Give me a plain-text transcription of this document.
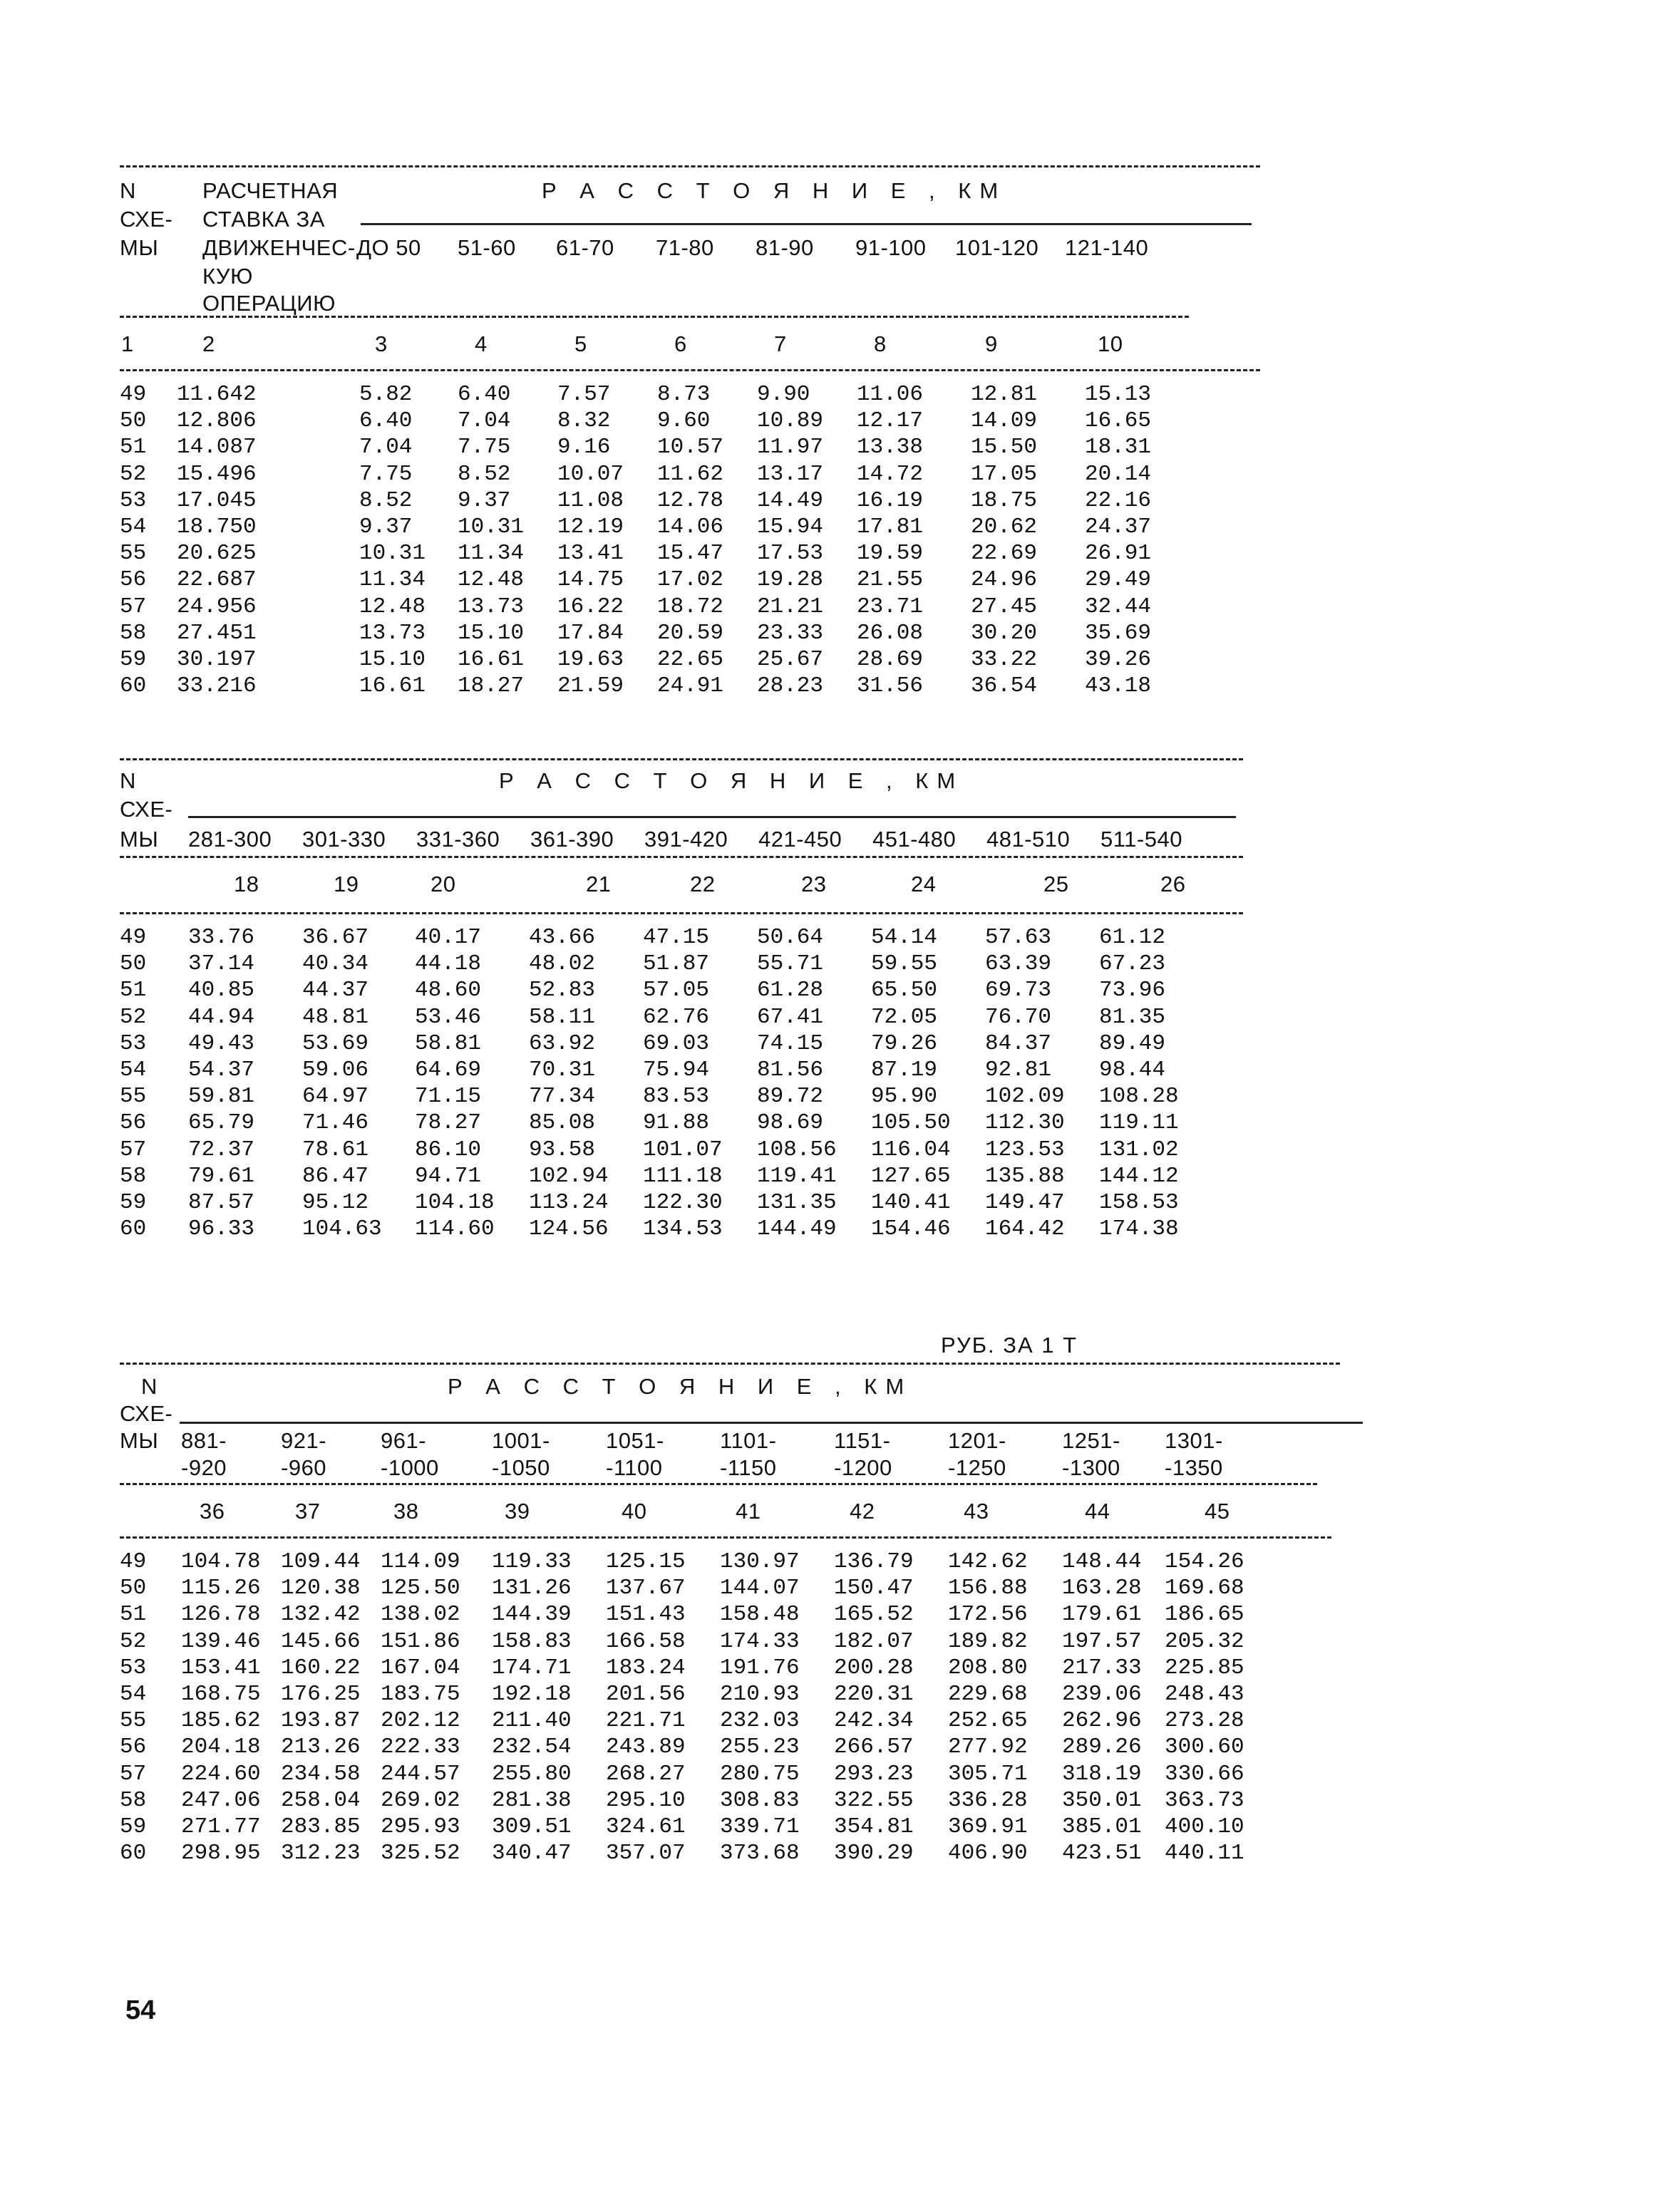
N
СХЕ-
МЫ
РАСЧЕТНАЯ
СТАВКА ЗА
ДВИЖЕНЧЕС-
КУЮ
ОПЕРАЦИЮ
Р А С С Т О Я Н И Е , КМ
ДО 50 51-60 61-70 71-80 81-90 91-100 101-120 121-140
1	2	3	4	5	6	7	8	9	10
49 11.642	5.82 6.40 7.57 8.73 9.90 11.06 12.81 15.13
50 12.806	6.40 7.04 8.32 9.60 10.89 12.17 14.09 16.65
51 14.087	7.04 7.75 9.16 10.57 11.97 13.38 15.50 18.31
52 15.496	7.75 8.52 10.07 11.62 13.17 14.72 17.05 20.14
53 17.045	8.52 9.37 11.08 12.78 14.49 16.19 18.75 22.16
54 18.750	9.37 10.31 12.19 14.06 15.94 17.81 20.62 24.37
55 20.625	10.31 11.34 13.41 15.47 17.53 19.59 22.69 26.91
56 22.687	11.34 12.48 14.75 17.02 19.28 21.55 24.96 29.49
57 24.956	12.48 13.73 16.22 18.72 21.21 23.71 27.45 32.44
58 27.451	13.73 15.10 17.84 20.59 23.33 26.08 30.20 35.69
59 30.197	15.10 16.61 19.63 22.65 25.67 28.69 33.22 39.26
60 33.216	16.61 18.27 21.59 24.91 28.23 31.56 36.54 43.18
N
СХЕ-
МЫ
Р А С С Т О Я Н И Е , КМ
281-300 301-330 331-360 361-390 391-420 421-450 451-480 481-510 511-540
18	19	20	21	22	23	24	25	26
49 33.76 36.67 40.17 43.66 47.15 50.64 54.14 57.63 61.12
50 37.14 40.34 44.18 48.02 51.87 55.71 59.55 63.39 67.23
51 40.85 44.37 48.60 52.83 57.05 61.28 65.50 69.73 73.96
52 44.94 48.81 53.46 58.11 62.76 67.41 72.05 76.70 81.35
53 49.43 53.69 58.81 63.92 69.03 74.15 79.26 84.37 89.49
54 54.37 59.06 64.69 70.31 75.94 81.56 87.19 92.81 98.44
55 59.81 64.97 71.15 77.34 83.53 89.72 95.90 102.09 108.28
56 65.79 71.46 78.27 85.08 91.88 98.69 105.50 112.30 119.11
57 72.37 78.61 86.10 93.58 101.07 108.56 116.04 123.53 131.02
58 79.61 86.47 94.71 102.94 111.18 119.41 127.65 135.88 144.12
59 87.57 95.12 104.18 113.24 122.30 131.35 140.41 149.47 158.53
60 96.33 104.63 114.60 124.56 134.53 144.49 154.46 164.42 174.38
РУБ. ЗА 1 Т
N
СХЕ-
МЫ
Р А С С Т О Я Н И Е , КМ
881- 921- 961-	1001-	1051-	1101-	1151-	1201-	1251- 1301-
-920 -960 -1000 -1050	-1100	-1150	-1200	-1250	-1300 -1350
36	37	38	39	40	41	42	43	44	45
49 104.78 109.44 114.09 119.33 125.15 130.97 136.79 142.62 148.44 154.26
50 115.26 120.38 125.50 131.26 137.67 144.07 150.47 156.88 163.28 169.68
51 126.78 132.42 138.02 144.39 151.43 158.48 165.52 172.56 179.61 186.65
52 139.46 145.66 151.86 158.83 166.58 174.33 182.07 189.82 197.57 205.32
53 153.41 160.22 167.04 174.71 183.24 191.76 200.28 208.80 217.33 225.85
54 168.75 176.25 183.75 192.18 201.56 210.93 220.31 229.68 239.06 248.43
55 185.62 193.87 202.12 211.40 221.71 232.03 242.34 252.65 262.96 273.28
56 204.18 213.26 222.33 232.54 243.89 255.23 266.57 277.92 289.26 300.60
57 224.60 234.58 244.57 255.80 268.27 280.75 293.23 305.71 318.19 330.66
58 247.06 258.04 269.02 281.38 295.10 308.83 322.55 336.28 350.01 363.73
59 271.77 283.85 295.93 309.51 324.61 339.71 354.81 369.91 385.01 400.10
60 298.95 312.23 325.52 340.47 357.07 373.68 390.29 406.90 423.51 440.11
54
